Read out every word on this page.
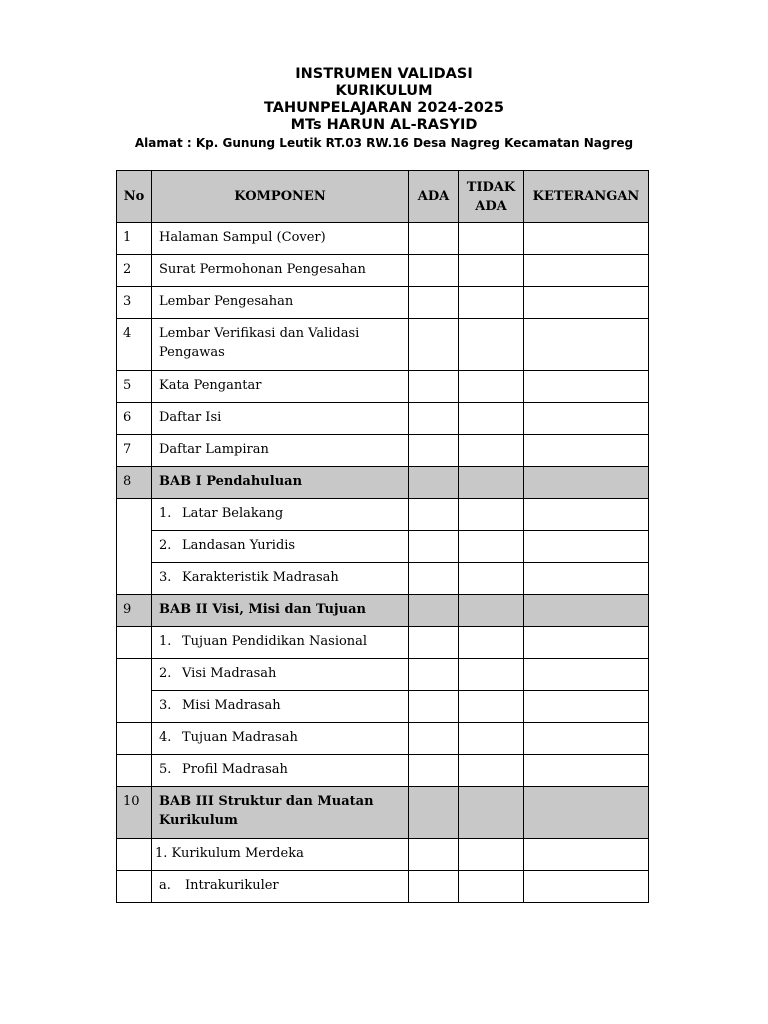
INSTRUMEN VALIDASI
KURIKULUM
TAHUNPELAJARAN 2024-2025
MTs HARUN AL-RASYID
Alamat : Kp. Gunung Leutik RT.03 RW.16 Desa Nagreg Kecamatan Nagreg
No	KOMPONEN	ADA	TIDAK ADA	KETERANGAN
1	Halaman Sampul (Cover)			
2	Surat Permohonan Pengesahan			
3	Lembar Pengesahan			
4	Lembar Verifikasi dan Validasi Pengawas			
5	Kata Pengantar			
6	Daftar Isi			
7	Daftar Lampiran			
8	BAB I Pendahuluan			
	1. Latar Belakang			
	2. Landasan Yuridis			
	3. Karakteristik Madrasah			
9	BAB II Visi, Misi dan Tujuan			
	1. Tujuan Pendidikan Nasional			
	2. Visi Madrasah			
	3. Misi Madrasah			
	4. Tujuan Madrasah			
	5. Profil Madrasah			
10	BAB III Struktur dan Muatan Kurikulum			
	1. Kurikulum Merdeka			
	a. Intrakurikuler			
